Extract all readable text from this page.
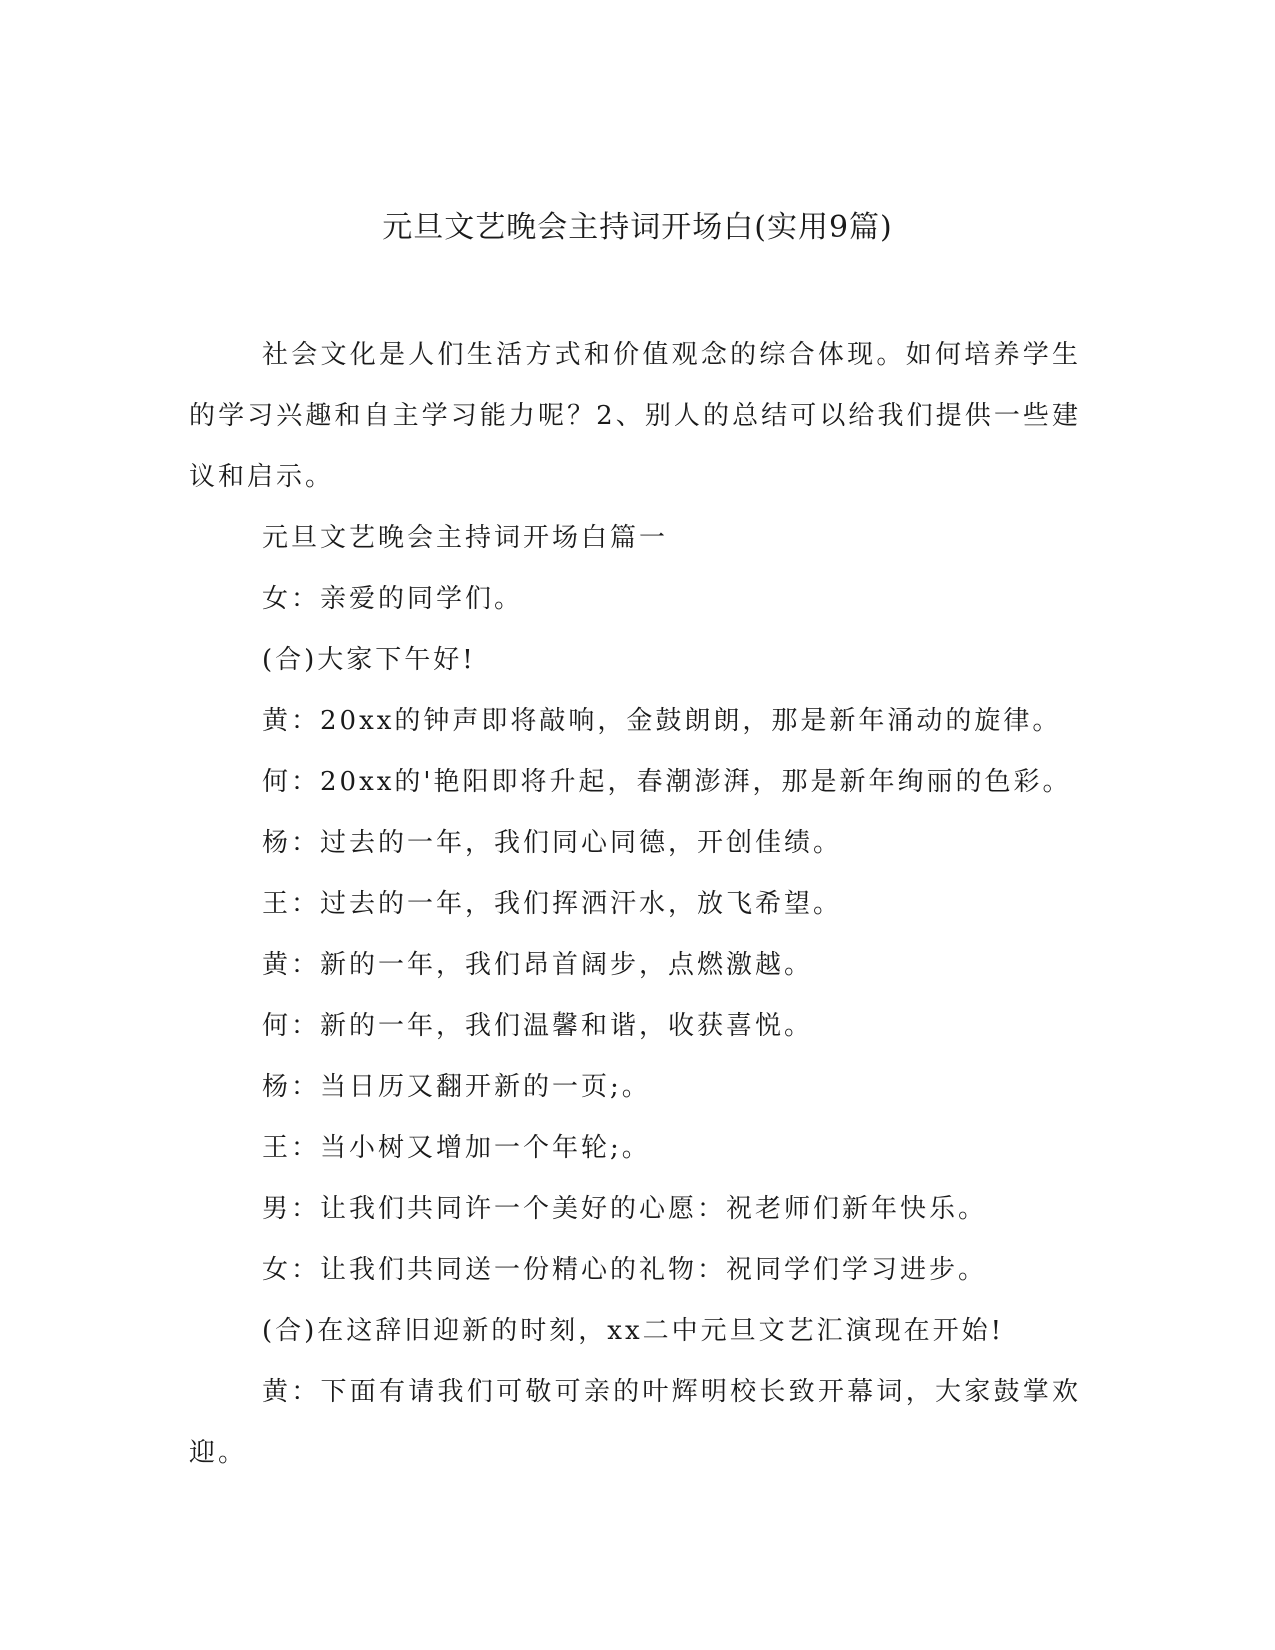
元旦文艺晚会主持词开场白(实用9篇)

社会文化是人们生活方式和价值观念的综合体现。如何培养学生的学习兴趣和自主学习能力呢？2、别人的总结可以给我们提供一些建议和启示。

元旦文艺晚会主持词开场白篇一

女：亲爱的同学们。

(合)大家下午好!

黄：20xx的钟声即将敲响，金鼓朗朗，那是新年涌动的旋律。

何：20xx的'艳阳即将升起，春潮澎湃，那是新年绚丽的色彩。

杨：过去的一年，我们同心同德，开创佳绩。

王：过去的一年，我们挥洒汗水，放飞希望。

黄：新的一年，我们昂首阔步，点燃激越。

何：新的一年，我们温馨和谐，收获喜悦。

杨：当日历又翻开新的一页;。

王：当小树又增加一个年轮;。

男：让我们共同许一个美好的心愿：祝老师们新年快乐。

女：让我们共同送一份精心的礼物：祝同学们学习进步。

(合)在这辞旧迎新的时刻，xx二中元旦文艺汇演现在开始!

黄：下面有请我们可敬可亲的叶辉明校长致开幕词，大家鼓掌欢迎。
